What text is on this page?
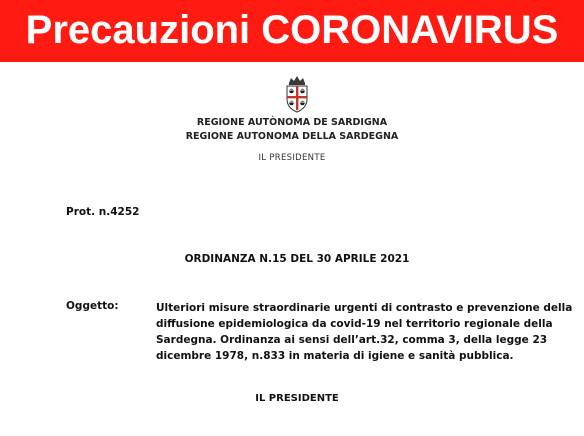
Precauzioni CORONAVIRUS
REGIONE AUTÒNOMA DE SARDIGNA
REGIONE AUTONOMA DELLA SARDEGNA
IL PRESIDENTE
Prot. n.4252
ORDINANZA N.15 DEL 30 APRILE 2021
Oggetto:	Ulteriori misure straordinarie urgenti di contrasto e prevenzione della
diffusione epidemiologica da covid-19 nel territorio regionale della
Sardegna. Ordinanza ai sensi dell’art.32, comma 3, della legge 23
dicembre 1978, n.833 in materia di igiene e sanità pubblica.
IL PRESIDENTE
